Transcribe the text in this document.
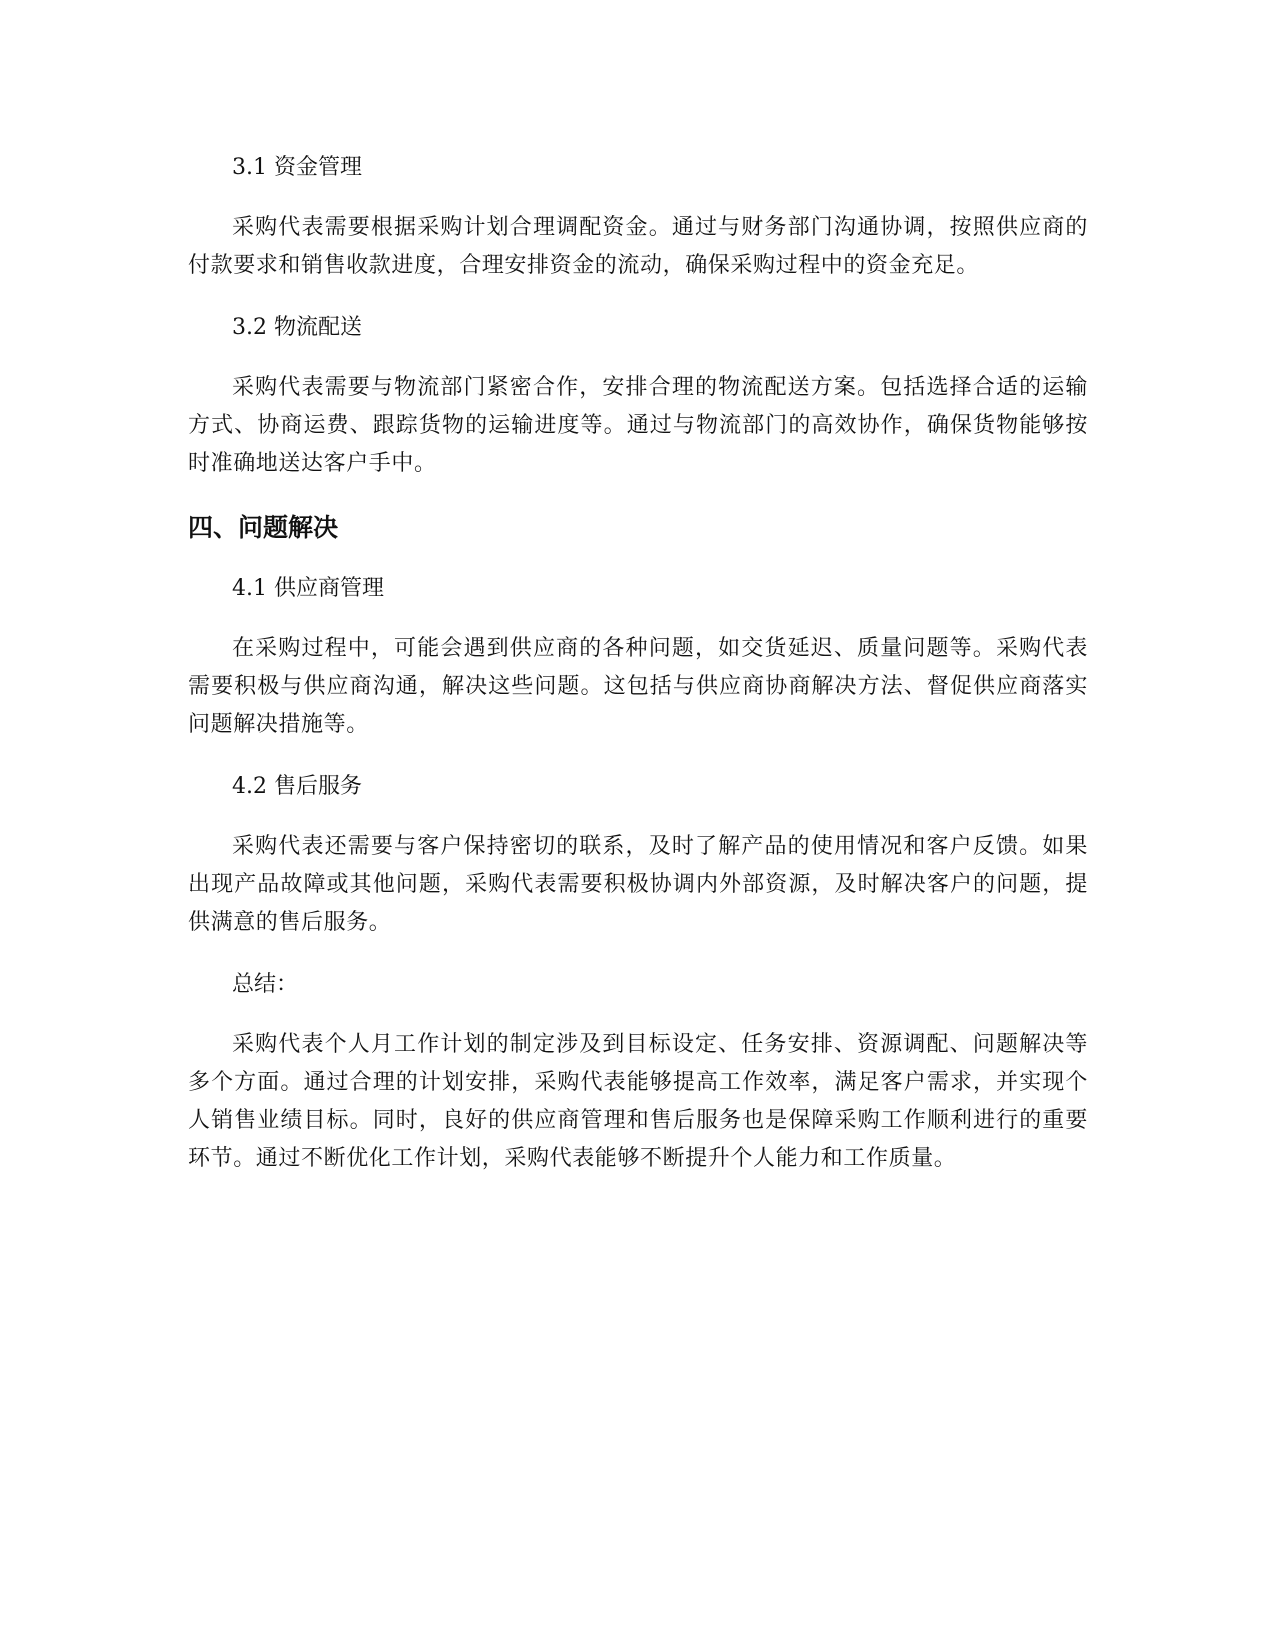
3.1 资金管理

采购代表需要根据采购计划合理调配资金。通过与财务部门沟通协调，按照供应商的付款要求和销售收款进度，合理安排资金的流动，确保采购过程中的资金充足。

3.2 物流配送

采购代表需要与物流部门紧密合作，安排合理的物流配送方案。包括选择合适的运输方式、协商运费、跟踪货物的运输进度等。通过与物流部门的高效协作，确保货物能够按时准确地送达客户手中。

四、问题解决

4.1 供应商管理

在采购过程中，可能会遇到供应商的各种问题，如交货延迟、质量问题等。采购代表需要积极与供应商沟通，解决这些问题。这包括与供应商协商解决方法、督促供应商落实问题解决措施等。

4.2 售后服务

采购代表还需要与客户保持密切的联系，及时了解产品的使用情况和客户反馈。如果出现产品故障或其他问题，采购代表需要积极协调内外部资源，及时解决客户的问题，提供满意的售后服务。

总结：

采购代表个人月工作计划的制定涉及到目标设定、任务安排、资源调配、问题解决等多个方面。通过合理的计划安排，采购代表能够提高工作效率，满足客户需求，并实现个人销售业绩目标。同时，良好的供应商管理和售后服务也是保障采购工作顺利进行的重要环节。通过不断优化工作计划，采购代表能够不断提升个人能力和工作质量。
